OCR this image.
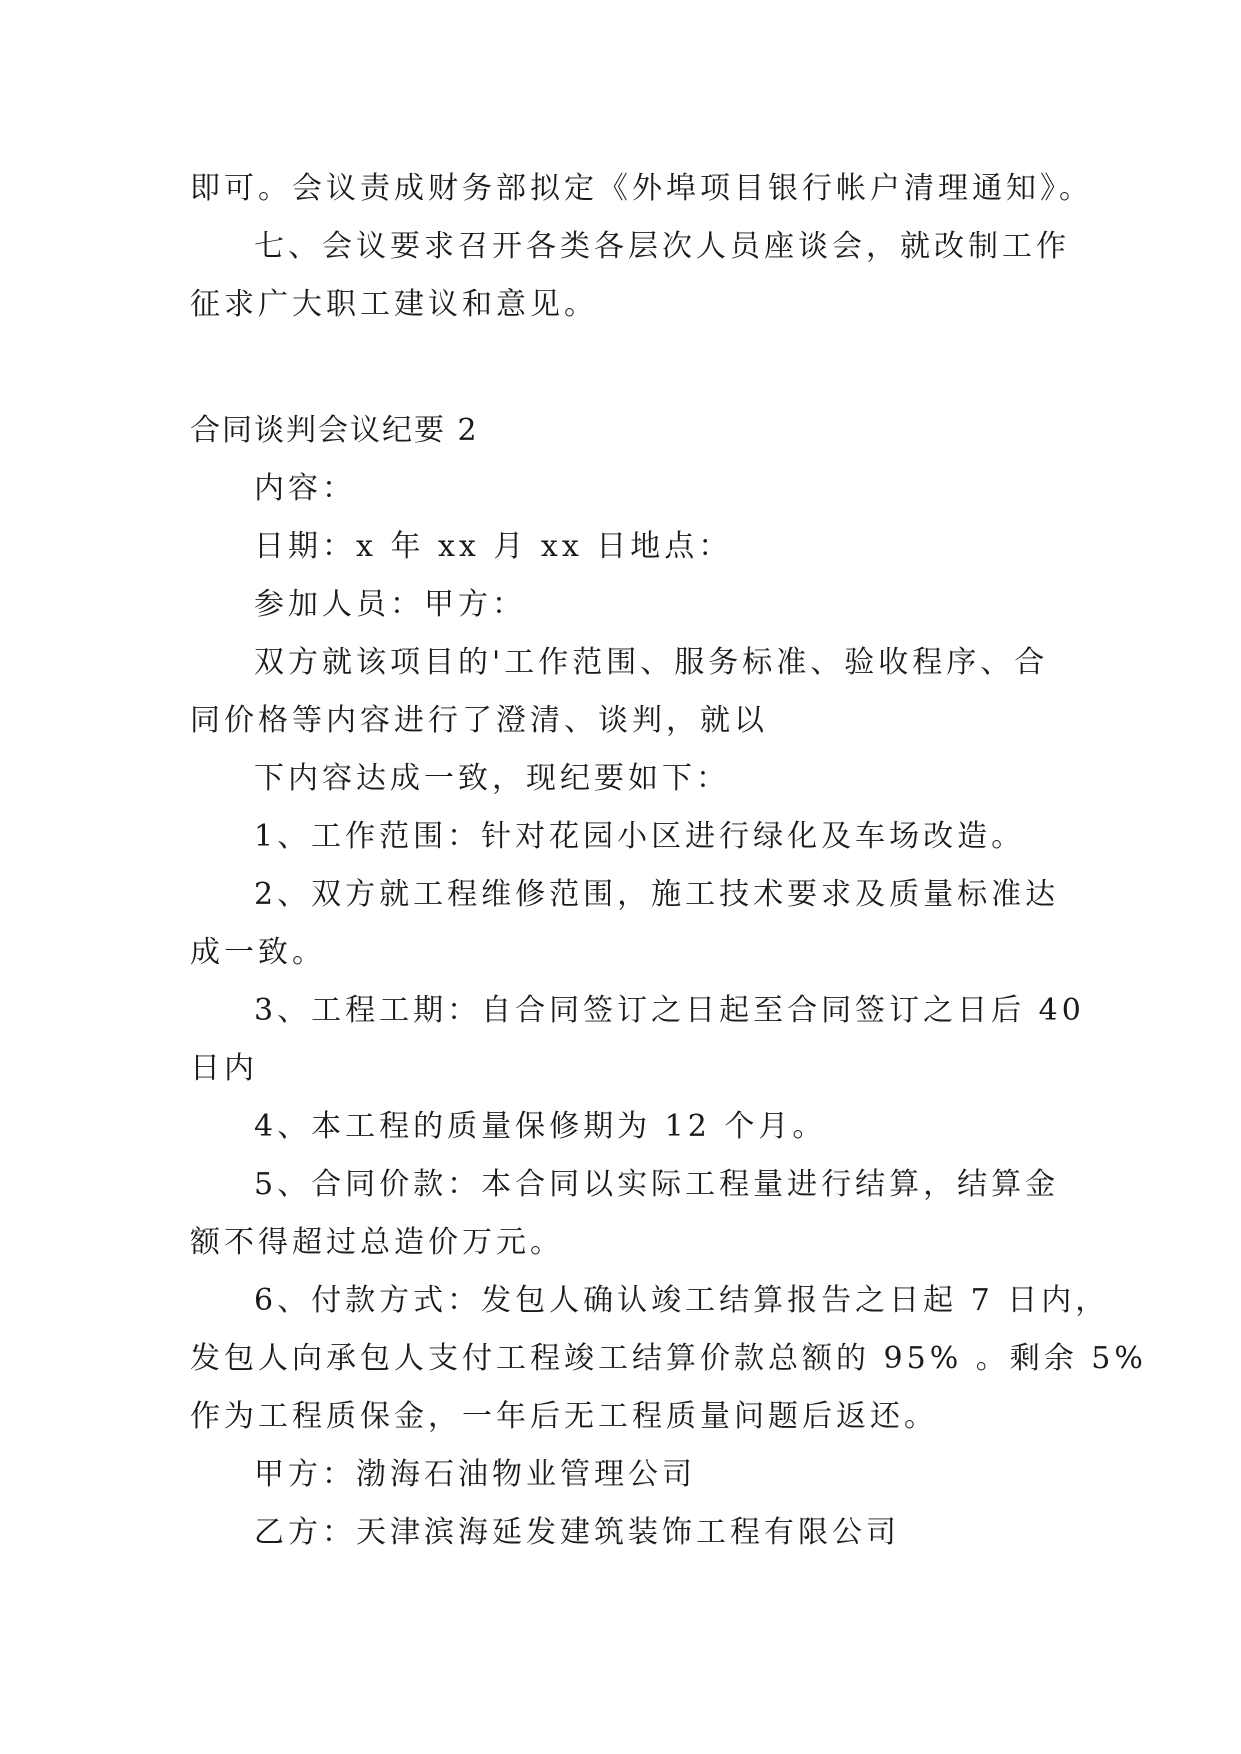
即可。会议责成财务部拟定《外埠项目银行帐户清理通知》。

七、会议要求召开各类各层次人员座谈会，就改制工作

征求广大职工建议和意见。

合同谈判会议纪要 2

内容：

日期：x 年 xx 月 xx 日地点：

参加人员：甲方：

双方就该项目的'工作范围、服务标准、验收程序、合

同价格等内容进行了澄清、谈判，就以

下内容达成一致，现纪要如下：

1、工作范围：针对花园小区进行绿化及车场改造。

2、双方就工程维修范围，施工技术要求及质量标准达

成一致。

3、工程工期：自合同签订之日起至合同签订之日后 40

日内

4、本工程的质量保修期为 12 个月。

5、合同价款：本合同以实际工程量进行结算，结算金

额不得超过总造价万元。

6、付款方式：发包人确认竣工结算报告之日起 7 日内，

发包人向承包人支付工程竣工结算价款总额的 95% 。剩余 5%

作为工程质保金，一年后无工程质量问题后返还。

甲方：渤海石油物业管理公司

乙方：天津滨海延发建筑装饰工程有限公司
